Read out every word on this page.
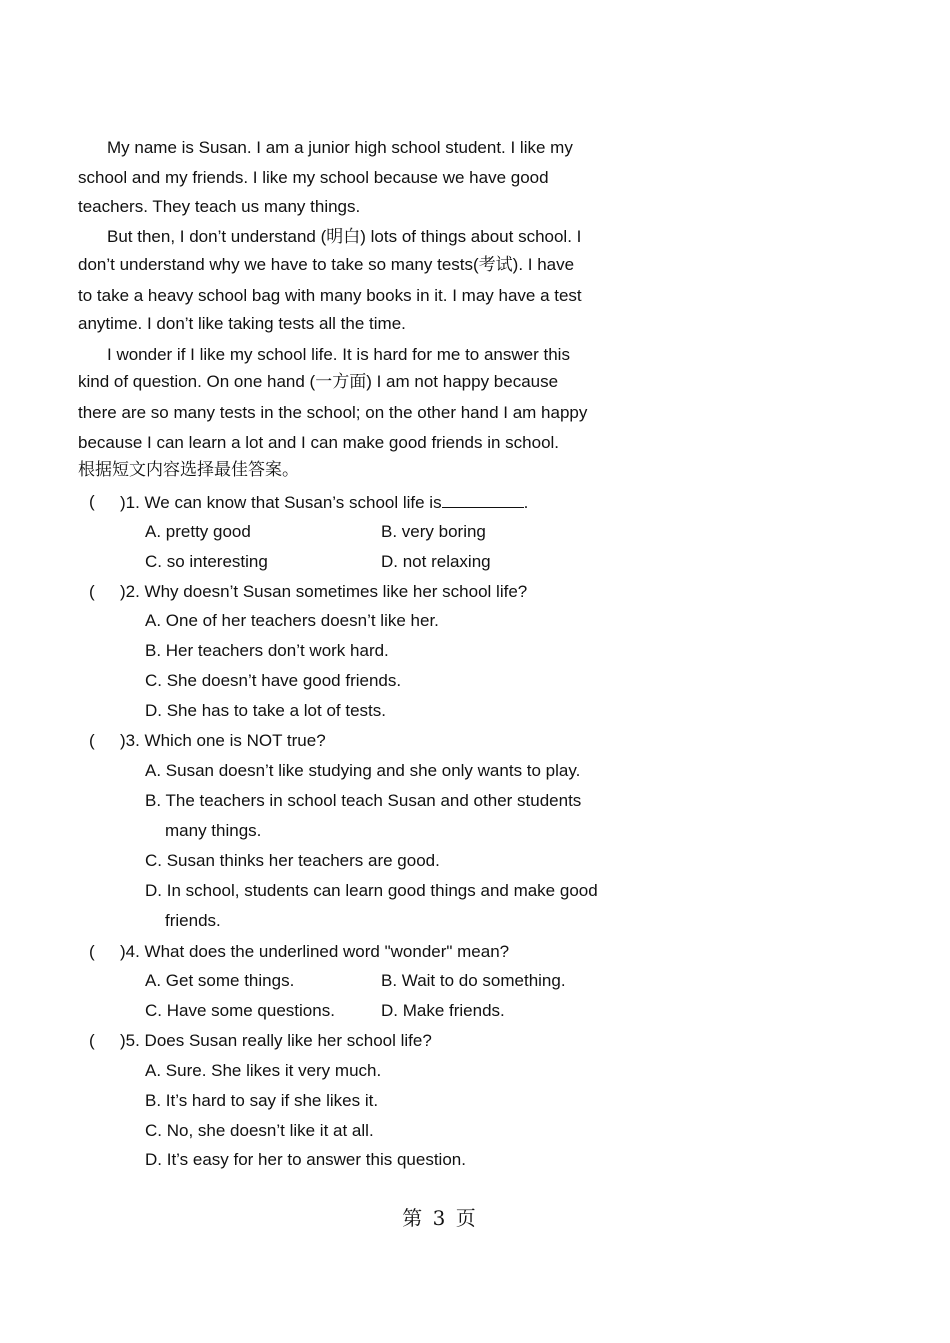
My name is Susan. I am a junior high school student. I like my
school and my friends. I like my school because we have good
teachers. They teach us many things.
But then, I don’t understand (明白) lots of things about school. I
don’t understand why we have to take so many tests(考试). I have
to take a heavy school bag with many books in it. I may have a test
anytime. I don’t like taking tests all the time.
I wonder if I like my school life. It is hard for me to answer this
kind of question. On one hand (一方面) I am not happy because
there are so many tests in the school; on the other hand I am happy
because I can learn a lot and I can make good friends in school.
根据短文内容选择最佳答案。
( )1. We can know that Susan’s school life is	.
A. pretty good	B. very boring
C. so interesting	D. not relaxing
( )2. Why doesn’t Susan sometimes like her school life?
A. One of her teachers doesn’t like her.
B. Her teachers don’t work hard.
C. She doesn’t have good friends.
D. She has to take a lot of tests.
( )3. Which one is NOT true?
A. Susan doesn’t like studying and she only wants to play.
B. The teachers in school teach Susan and other students
many things.
C. Susan thinks her teachers are good.
D. In school, students can learn good things and make good
friends.
( )4. What does the underlined word "wonder" mean?
A. Get some things.	B. Wait to do something.
C. Have some questions.	D. Make friends.
( )5. Does Susan really like her school life?
A. Sure. She likes it very much.
B. It’s hard to say if she likes it.
C. No, she doesn’t like it at all.
D. It’s easy for her to answer this question.
第 3 页
